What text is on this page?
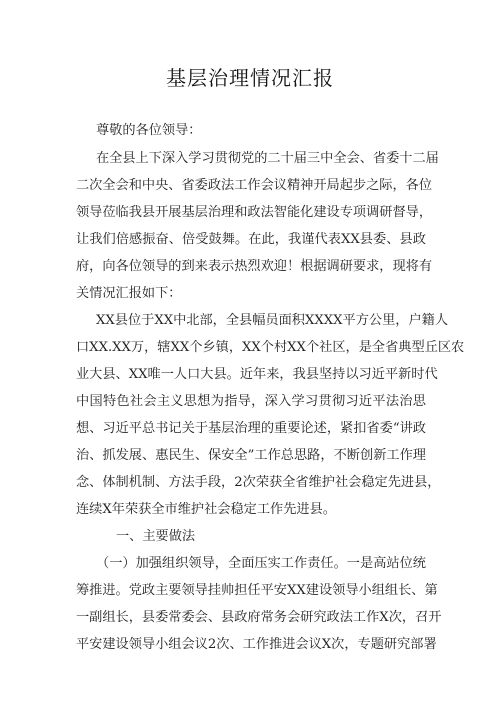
基层治理情况汇报
尊敬的各位领导：
在全县上下深入学习贯彻党的二十届三中全会、省委十二届
二次全会和中央、省委政法工作会议精神开局起步之际，各位
领导莅临我县开展基层治理和政法智能化建设专项调研督导，
让我们倍感振奋、倍受鼓舞。在此，我谨代表XX县委、县政
府，向各位领导的到来表示热烈欢迎！根据调研要求，现将有
关情况汇报如下：
XX县位于XX中北部，全县幅员面积XXXX平方公里，户籍人
口XX.XX万，辖XX个乡镇，XX个村XX个社区，是全省典型丘区农
业大县、XX唯一人口大县。近年来，我县坚持以习近平新时代
中国特色社会主义思想为指导，深入学习贯彻习近平法治思
想、习近平总书记关于基层治理的重要论述，紧扣省委“讲政
治、抓发展、惠民生、保安全”工作总思路，不断创新工作理
念、体制机制、方法手段，2次荣获全省维护社会稳定先进县，
连续X年荣获全市维护社会稳定工作先进县。
一、主要做法
（一）加强组织领导，全面压实工作责任。一是高站位统
筹推进。党政主要领导挂帅担任平安XX建设领导小组组长、第
一副组长，县委常委会、县政府常务会研究政法工作X次，召开
平安建设领导小组会议2次、工作推进会议X次，专题研究部署
